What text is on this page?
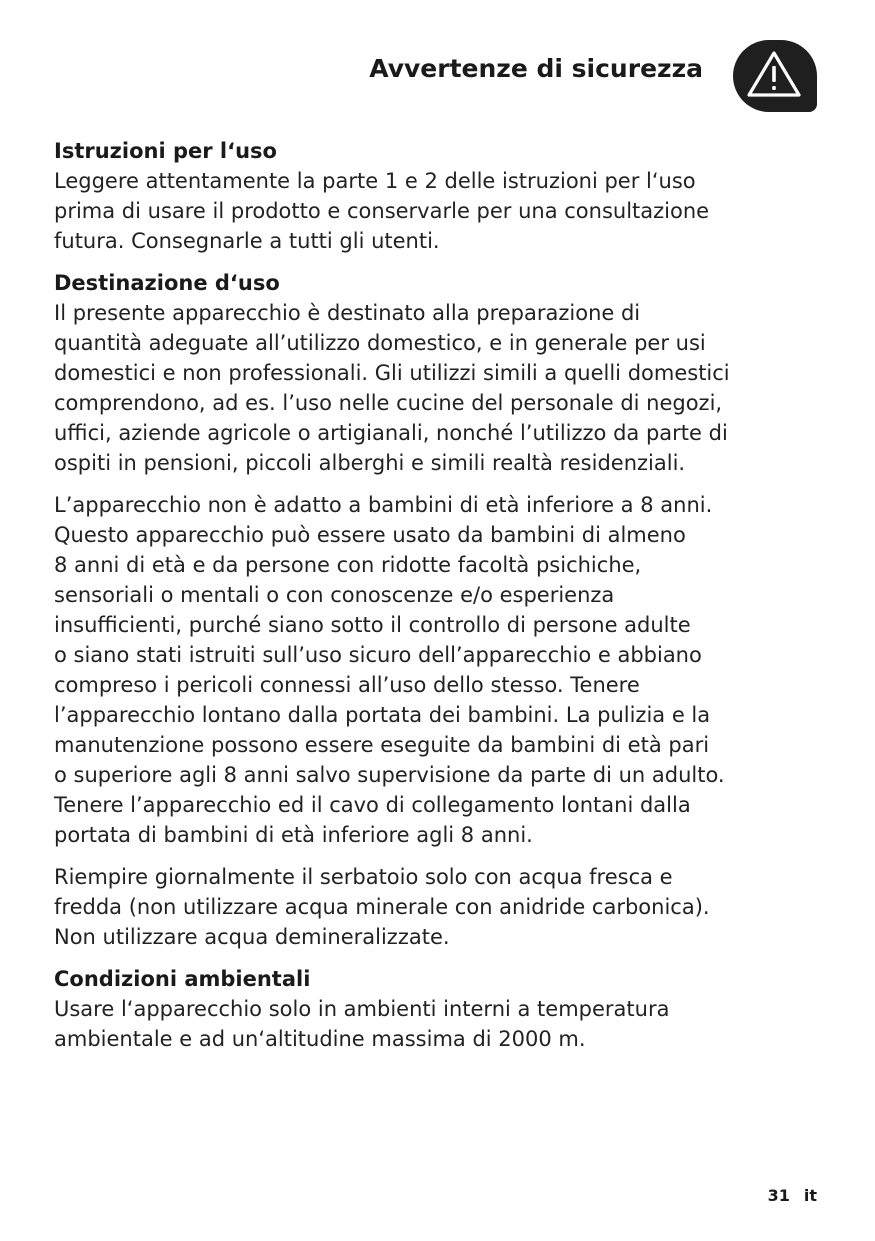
Avvertenze di sicurezza
Istruzioni per l‘uso
Leggere attentamente la parte 1 e 2 delle istruzioni per l‘uso
prima di usare il prodotto e conservarle per una consultazione
futura. Consegnarle a tutti gli utenti.
Destinazione d‘uso
Il presente apparecchio è destinato alla preparazione di
quantità adeguate all’utilizzo domestico, e in generale per usi
domestici e non professionali. Gli utilizzi simili a quelli domestici
comprendono, ad es. l’uso nelle cucine del personale di negozi,
uffici, aziende agricole o artigianali, nonché l’utilizzo da parte di
ospiti in pensioni, piccoli alberghi e simili realtà residenziali.
L’apparecchio non è adatto a bambini di età inferiore a 8 anni.
Questo apparecchio può essere usato da bambini di almeno
8 anni di età e da persone con ridotte facoltà psichiche,
sensoriali o mentali o con conoscenze e/o esperienza
insufficienti, purché siano sotto il controllo di persone adulte
o siano stati istruiti sull’uso sicuro dell’apparecchio e abbiano
compreso i pericoli connessi all’uso dello stesso. Tenere
l’apparecchio lontano dalla portata dei bambini. La pulizia e la
manutenzione possono essere eseguite da bambini di età pari
o superiore agli 8 anni salvo supervisione da parte di un adulto.
Tenere l’apparecchio ed il cavo di collegamento lontani dalla
portata di bambini di età inferiore agli 8 anni.
Riempire giornalmente il serbatoio solo con acqua fresca e
fredda (non utilizzare acqua minerale con anidride carbonica).
Non utilizzare acqua demineralizzate.
Condizioni ambientali
Usare l‘apparecchio solo in ambienti interni a temperatura
ambientale e ad un‘altitudine massima di 2000 m.
31 it
